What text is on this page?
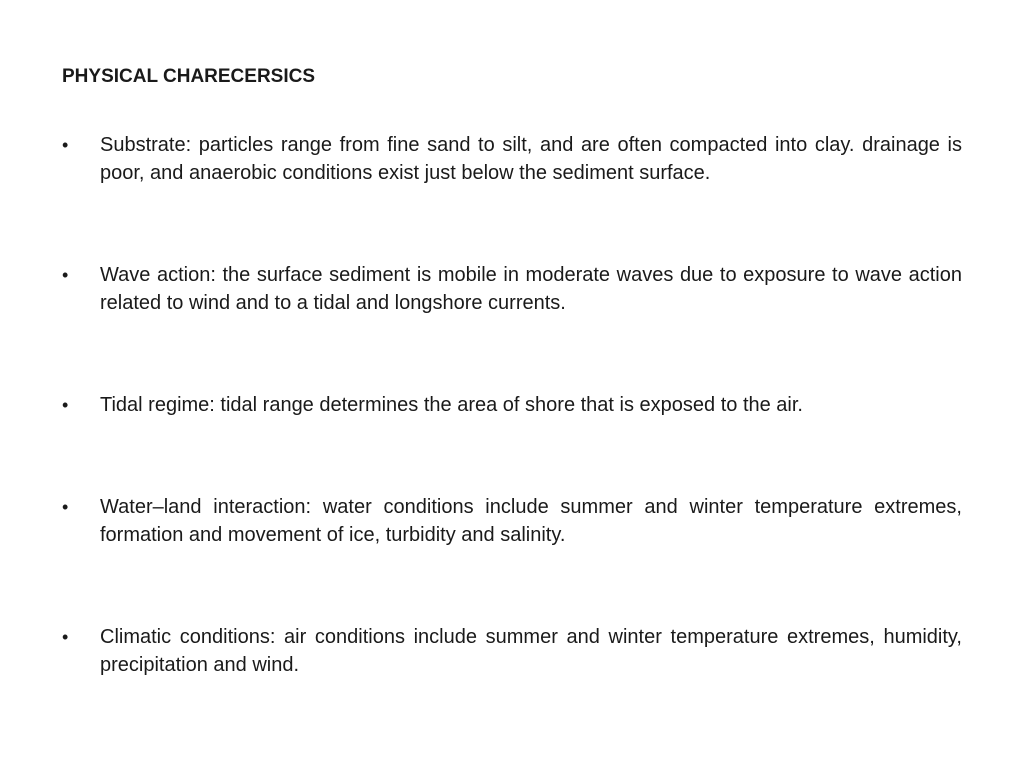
PHYSICAL CHARECERSICS
•	Substrate: particles range from fine sand to silt, and are often compacted into clay. drainage is poor, and anaerobic conditions exist just below the sediment surface.
•	Wave action: the surface sediment is mobile in moderate waves due to exposure to wave action related to wind and to a tidal and longshore currents.
•	Tidal regime: tidal range determines the area of shore that is exposed to the air.
•	Water–land interaction: water conditions include summer and winter temperature extremes, formation and movement of ice, turbidity and salinity.
•	Climatic conditions: air conditions include summer and winter temperature extremes, humidity, precipitation and wind.
